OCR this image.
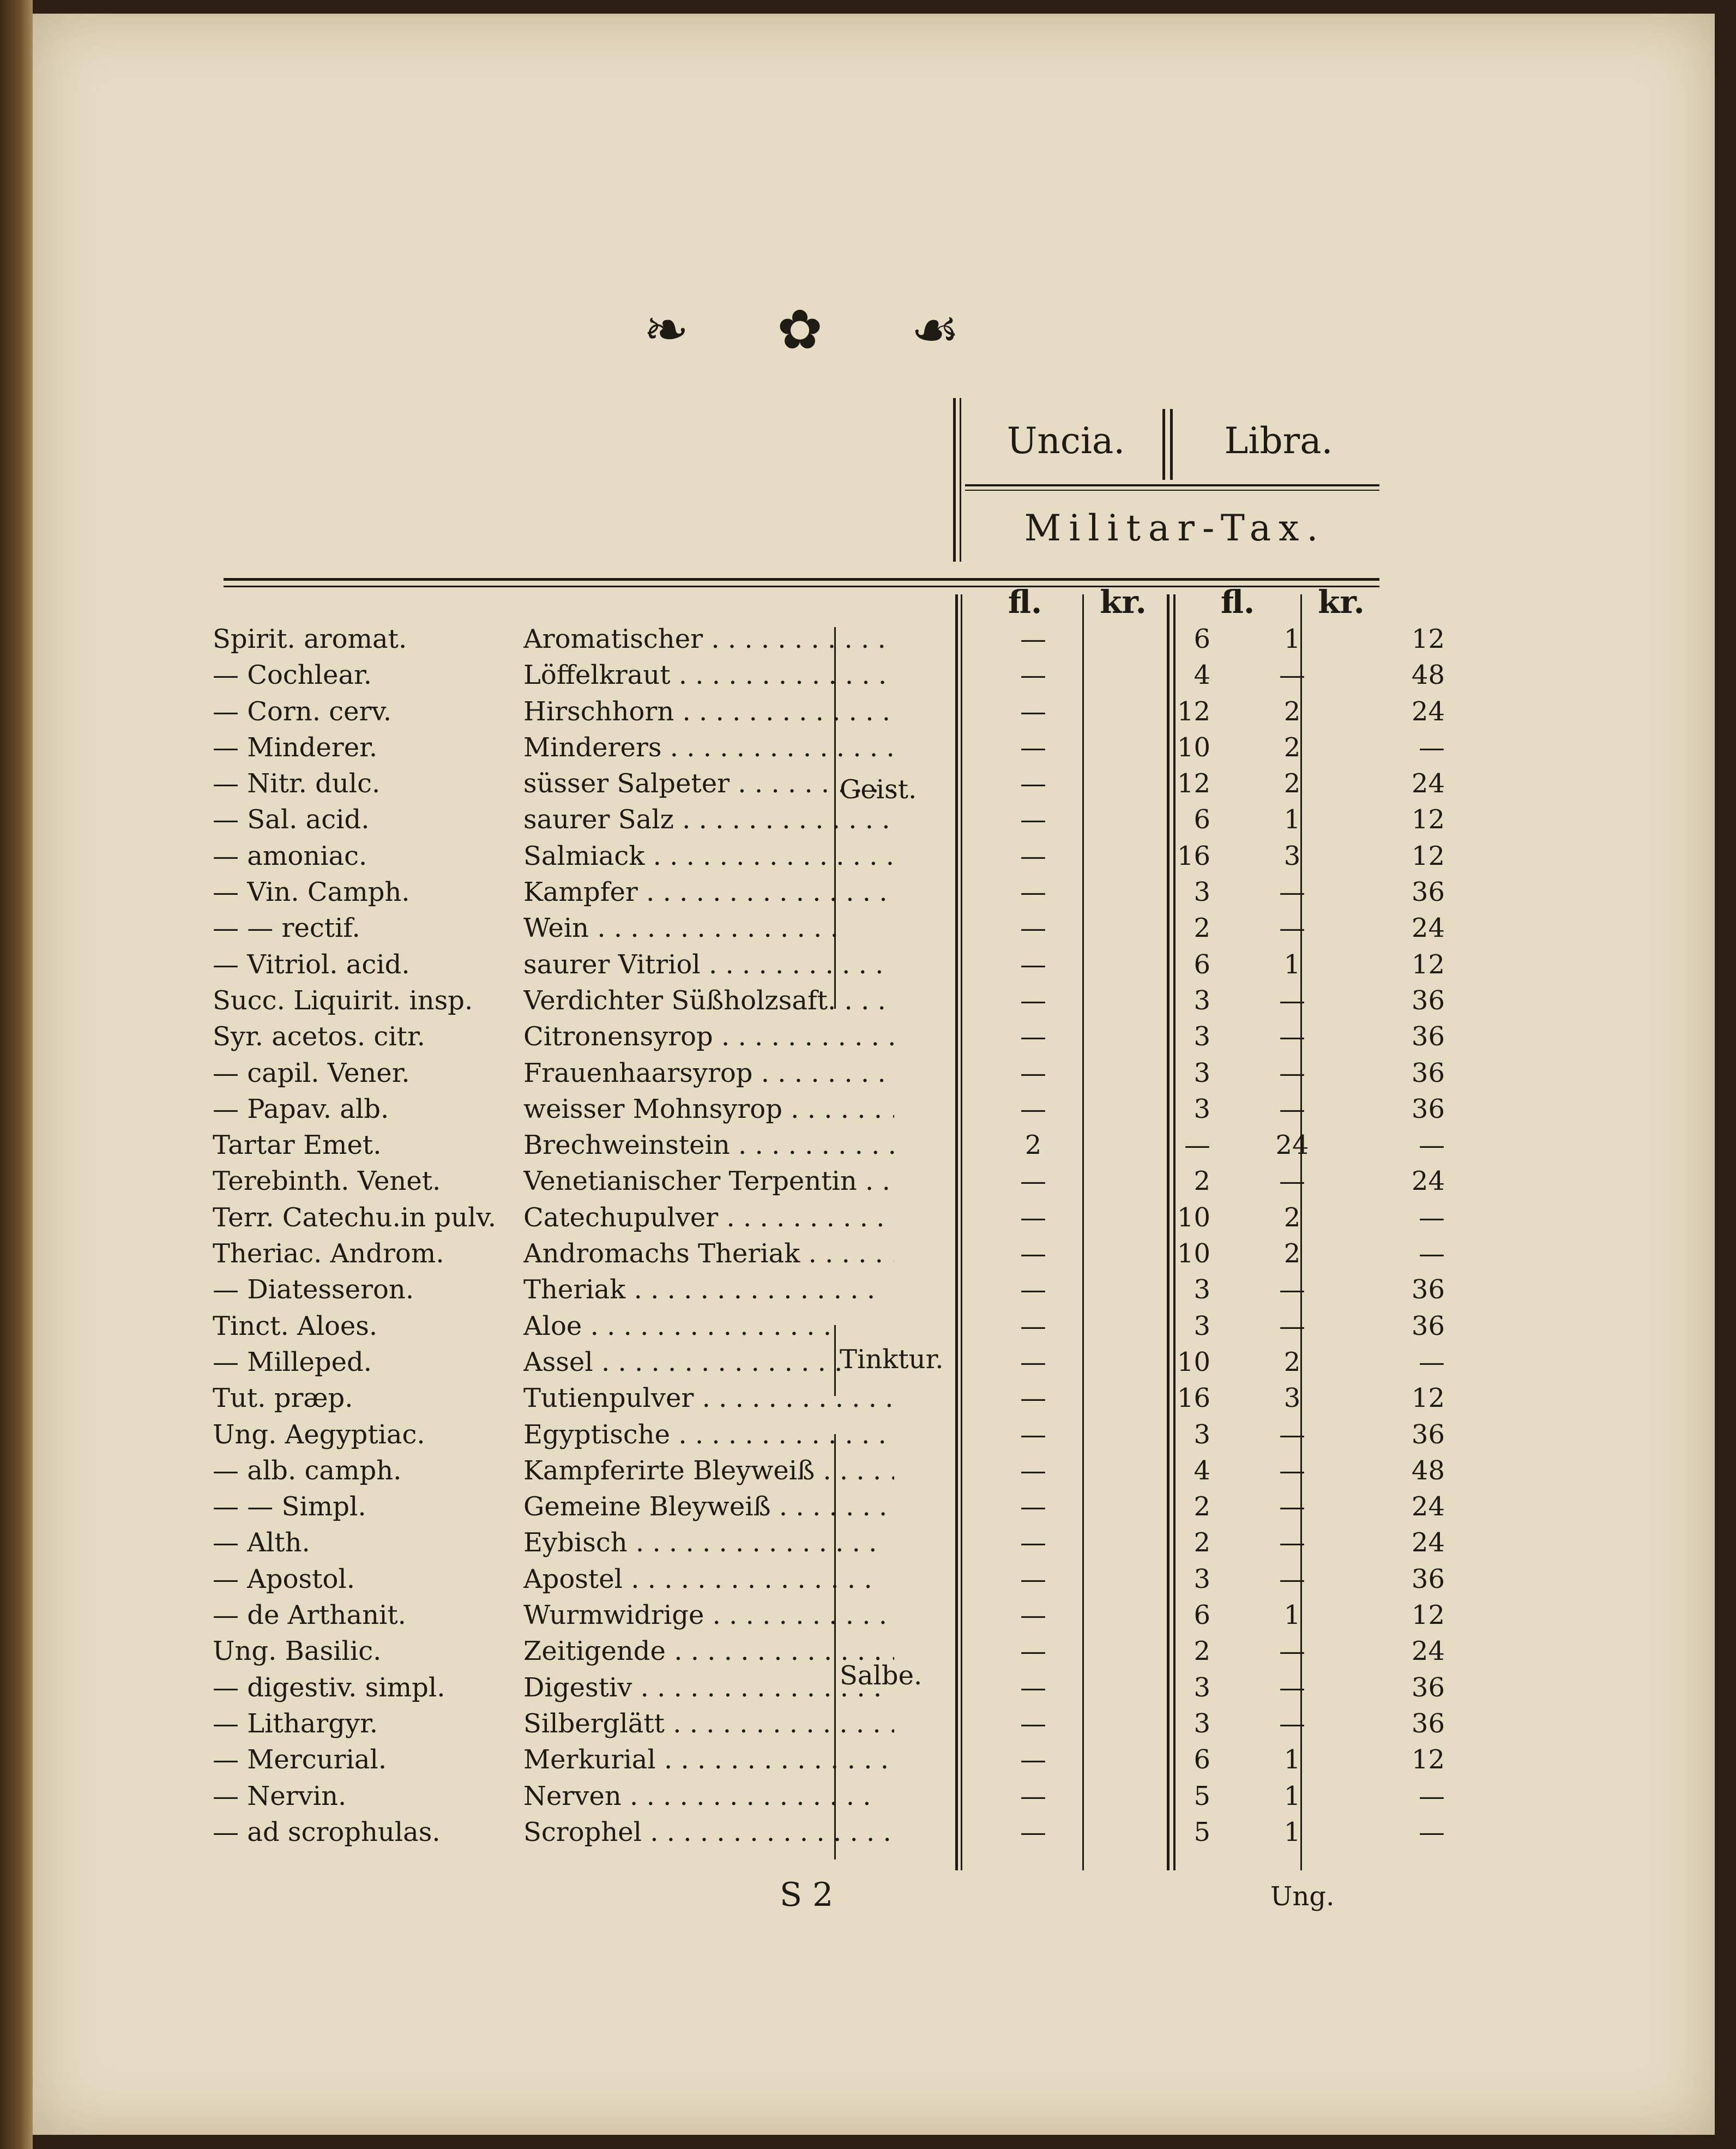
❧ ✿ ☙
Uncia.	Libra.
Militar-Tax.
fl.	kr.	fl.	kr.
Geist.
Tinktur.
Salbe.
Spirit. aromat.	Aromatischer . . .	—	6	1	12
— Cochlear.	Löffelkraut . . .	—	4	—	48
— Corn. cerv.	Hirschhorn . . .	—	12	2	24
— Minderer.	Minderers . . .	—	10	2	—
— Nitr. dulc.	süsser Salpeter . . .	—	12	2	24
— Sal. acid.	saurer Salz . . .	—	6	1	12
— amoniac.	Salmiack . . .	—	16	3	12
— Vin. Camph.	Kampfer . . .	—	3	—	36
— — rectif.	Wein . . .	—	2	—	24
— Vitriol. acid.	saurer Vitriol . . .	—	6	1	12
Succ. Liquirit. insp.	Verdichter Süßholzsaft. . . .	—	3	—	36
Syr. acetos. citr.	Citronensyrop . . .	—	3	—	36
— capil. Vener.	Frauenhaarsyrop . . .	—	3	—	36
— Papav. alb.	weisser Mohnsyrop . . .	—	3	—	36
Tartar Emet.	Brechweinstein . . .	2	—	24	—
Terebinth. Venet.	Venetianischer Terpentin . . .	—	2	—	24
Terr. Catechu.in pulv.	Catechupulver . . .	—	10	2	—
Theriac. Androm.	Andromachs Theriak . . .	—	10	2	—
— Diatesseron.	Theriak . . .	—	3	—	36
Tinct. Aloes.	Aloe . . .	—	3	—	36
— Milleped.	Assel . . .	—	10	2	—
Tut. præp.	Tutienpulver . . .	—	16	3	12
Ung. Aegyptiac.	Egyptische . . .	—	3	—	36
— alb. camph.	Kampferirte Bleyweiß . . .	—	4	—	48
— — Simpl.	Gemeine Bleyweiß . . .	—	2	—	24
— Alth.	Eybisch . . .	—	2	—	24
— Apostol.	Apostel . . .	—	3	—	36
— de Arthanit.	Wurmwidrige . . .	—	6	1	12
Ung. Basilic.	Zeitigende . . .	—	2	—	24
— digestiv. simpl.	Digestiv . . .	—	3	—	36
— Lithargyr.	Silberglätt . . .	—	3	—	36
— Mercurial.	Merkurial . . .	—	6	1	12
— Nervin.	Nerven . . .	—	5	1	—
— ad scrophulas.	Scrophel . . .	—	5	1	—
S 2	Ung.
